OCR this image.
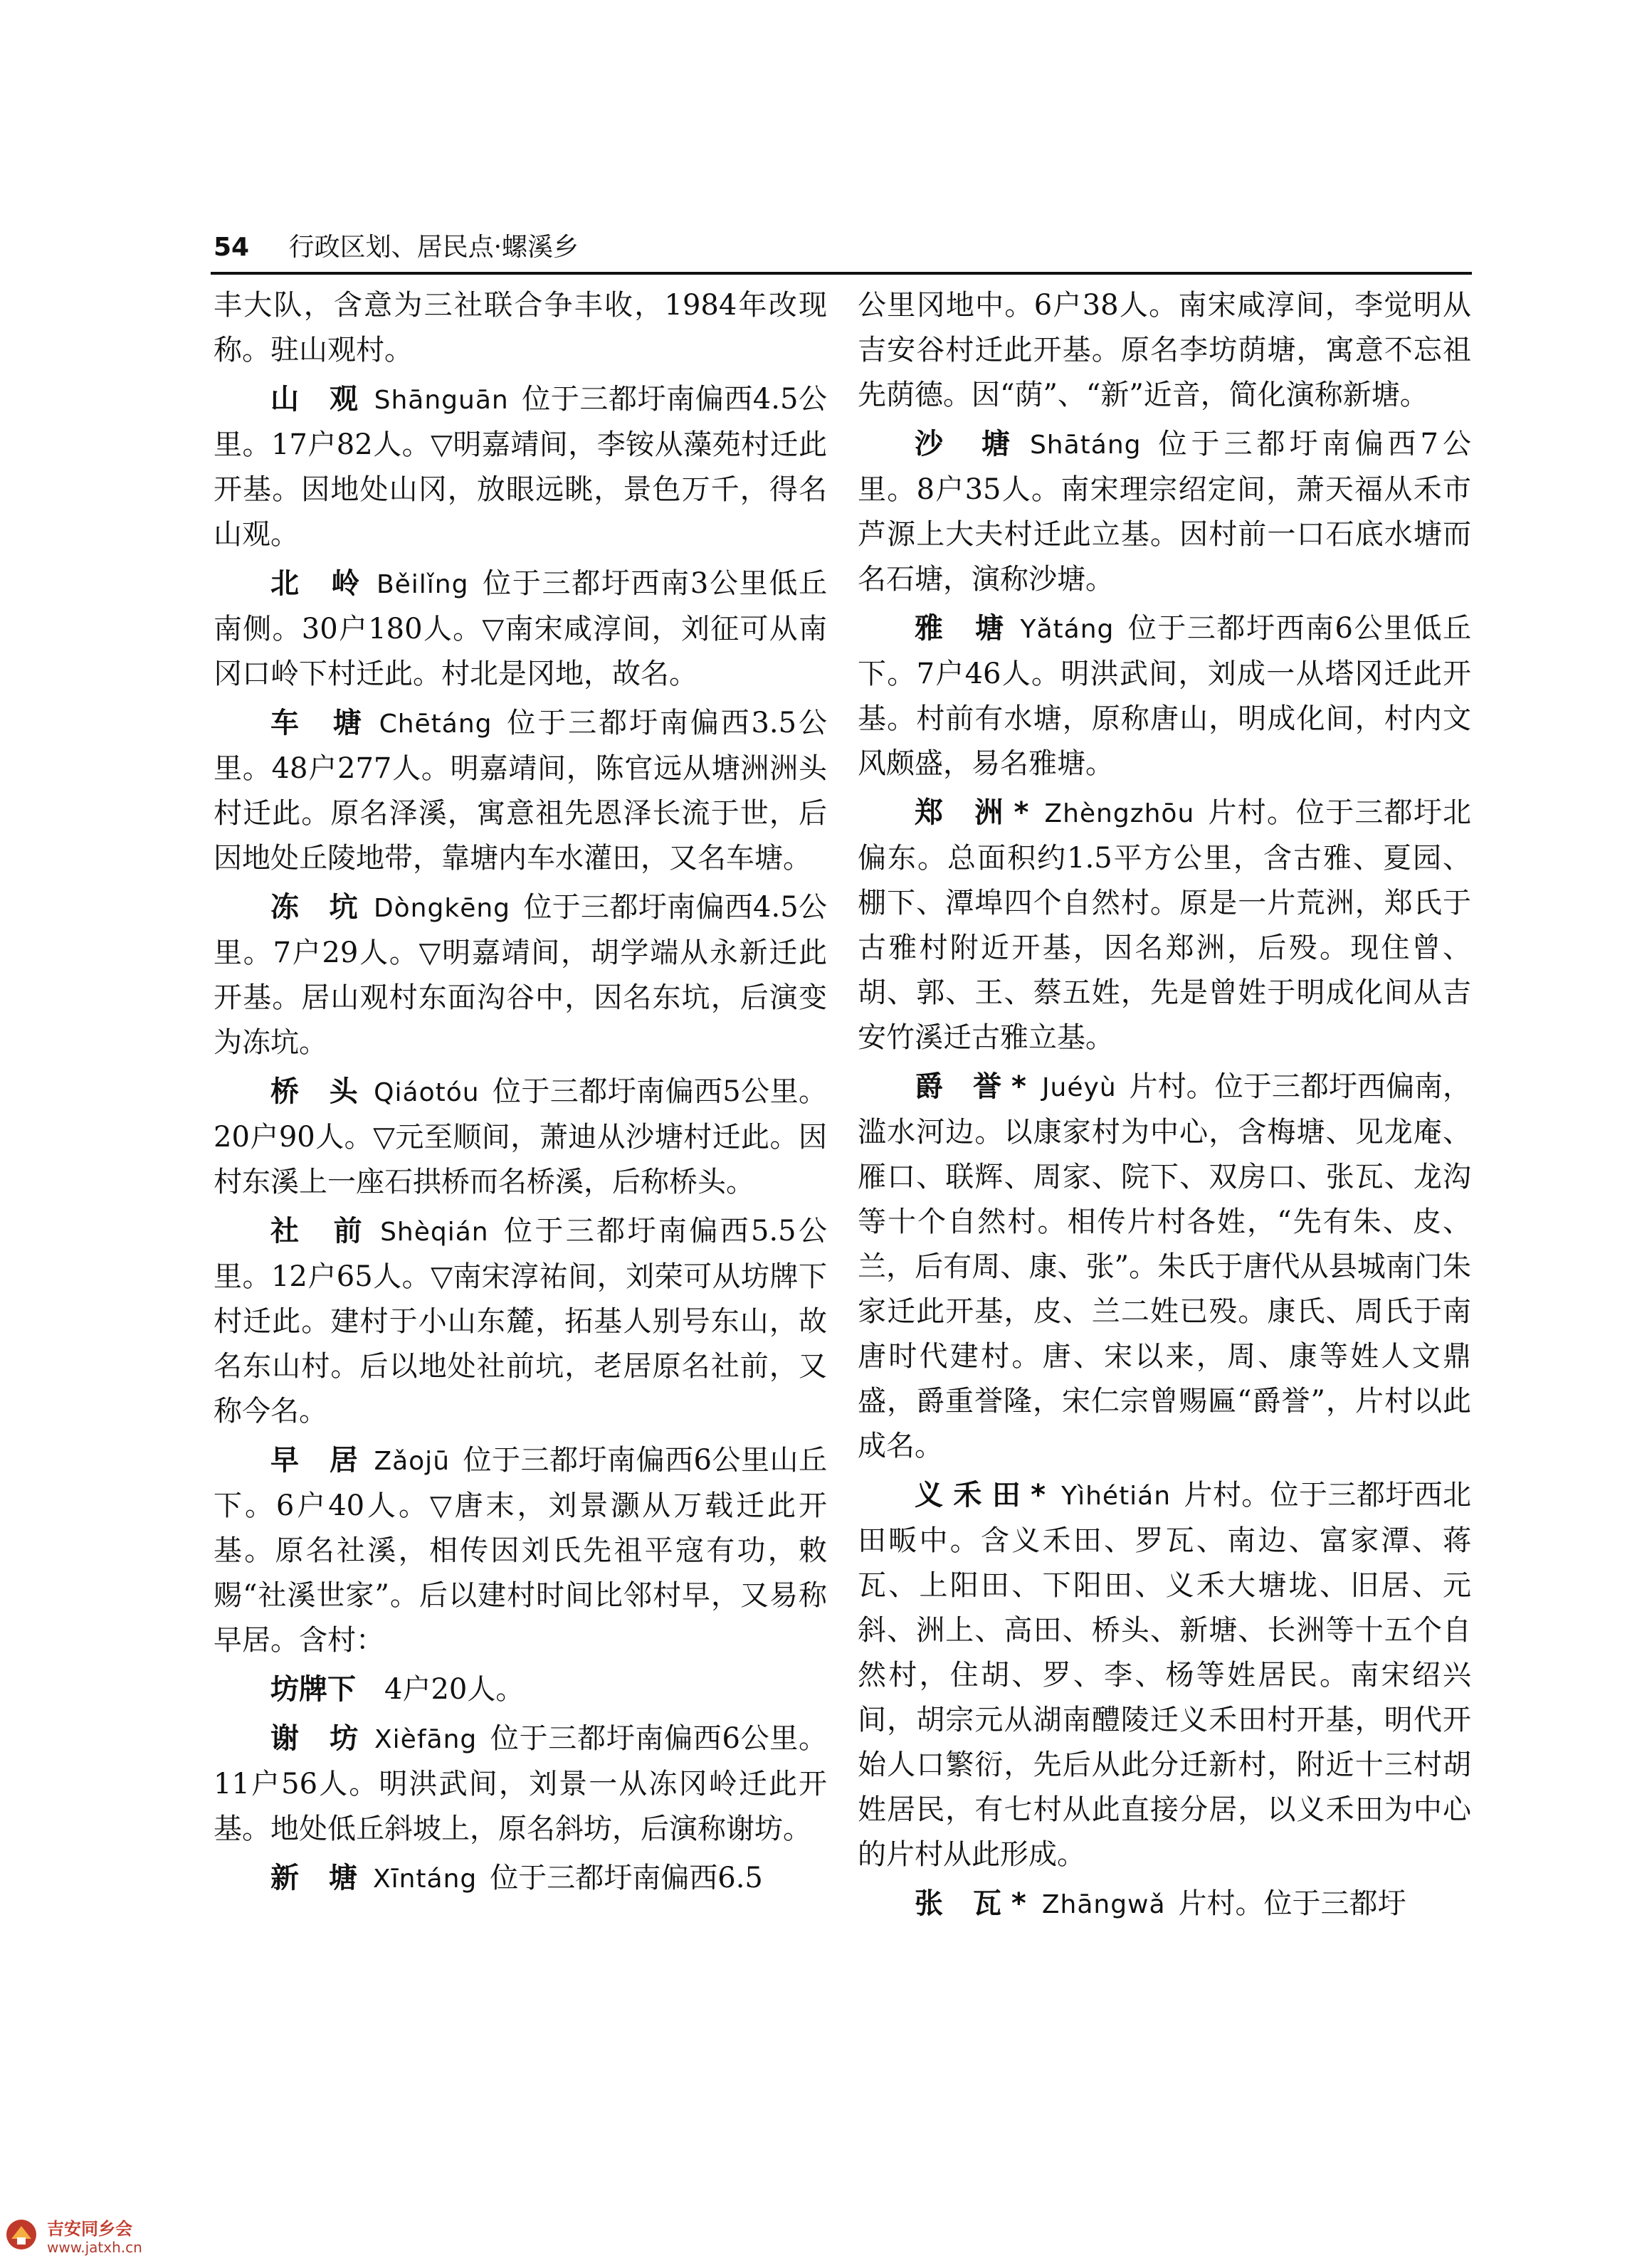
54 行政区划、居民点·螺溪乡

丰大队，含意为三社联合争丰收，1984年改现称。驻山观村。

山 观 Shānguān 位于三都圩南偏西4.5公里。17户82人。▽明嘉靖间，李铵从藻苑村迁此开基。因地处山冈，放眼远眺，景色万千，得名山观。

北 岭 Běilǐng 位于三都圩西南3公里低丘南侧。30户180人。▽南宋咸淳间，刘征可从南冈口岭下村迁此。村北是冈地，故名。

车 塘 Chētáng 位于三都圩南偏西3.5公里。48户277人。明嘉靖间，陈官远从塘洲洲头村迁此。原名泽溪，寓意祖先恩泽长流于世，后因地处丘陵地带，靠塘内车水灌田，又名车塘。

冻 坑 Dòngkēng 位于三都圩南偏西4.5公里。7户29人。▽明嘉靖间，胡学端从永新迁此开基。居山观村东面沟谷中，因名东坑，后演变为冻坑。

桥 头 Qiáotóu 位于三都圩南偏西5公里。20户90人。▽元至顺间，萧迪从沙塘村迁此。因村东溪上一座石拱桥而名桥溪，后称桥头。

社 前 Shèqián 位于三都圩南偏西5.5公里。12户65人。▽南宋淳祐间，刘荣可从坊牌下村迁此。建村于小山东麓，拓基人别号东山，故名东山村。后以地处社前坑，老居原名社前，又称今名。

早 居 Zǎojū 位于三都圩南偏西6公里山丘下。6户40人。▽唐末，刘景灏从万载迁此开基。原名社溪，相传因刘氏先祖平寇有功，敕赐“社溪世家”。后以建村时间比邻村早，又易称早居。含村：

坊牌下　 4户20人。

谢 坊 Xièfāng 位于三都圩南偏西6公里。11户56人。明洪武间，刘景一从冻冈岭迁此开基。地处低丘斜坡上，原名斜坊，后演称谢坊。

新 塘 Xīntáng 位于三都圩南偏西6.5

公里冈地中。6户38人。南宋咸淳间，李觉明从吉安谷村迁此开基。原名李坊荫塘，寓意不忘祖先荫德。因“荫”、“新”近音，简化演称新塘。

沙 塘 Shātáng 位于三都圩南偏西7公里。8户35人。南宋理宗绍定间，萧天福从禾市芦源上大夫村迁此立基。因村前一口石底水塘而名石塘，演称沙塘。

雅 塘 Yǎtáng 位于三都圩西南6公里低丘下。7户46人。明洪武间，刘成一从塔冈迁此开基。村前有水塘，原称唐山，明成化间，村内文风颇盛，易名雅塘。

郑 洲* Zhèngzhōu 片村。位于三都圩北偏东。总面积约1.5平方公里，含古雅、夏园、棚下、潭埠四个自然村。原是一片荒洲，郑氏于古雅村附近开基，因名郑洲，后殁。现住曾、胡、郭、王、蔡五姓，先是曾姓于明成化间从吉安竹溪迁古雅立基。

爵 誉* Juéyù 片村。位于三都圩西偏南，滥水河边。以康家村为中心，含梅塘、见龙庵、雁口、联辉、周家、院下、双房口、张瓦、龙沟等十个自然村。相传片村各姓，“先有朱、皮、兰，后有周、康、张”。朱氏于唐代从县城南门朱家迁此开基，皮、兰二姓已殁。康氏、周氏于南唐时代建村。唐、宋以来，周、康等姓人文鼎盛，爵重誉隆，宋仁宗曾赐匾“爵誉”，片村以此成名。

义禾田* Yìhétián 片村。位于三都圩西北田畈中。含义禾田、罗瓦、南边、富家潭、蒋瓦、上阳田、下阳田、义禾大塘垅、旧居、元斜、洲上、高田、桥头、新塘、长洲等十五个自然村，住胡、罗、李、杨等姓居民。南宋绍兴间，胡宗元从湖南醴陵迁义禾田村开基，明代开始人口繁衍，先后从此分迁新村，附近十三村胡姓居民，有七村从此直接分居，以义禾田为中心的片村从此形成。

张 瓦* Zhāngwǎ 片村。位于三都圩

吉安同乡会
www.jatxh.cn
